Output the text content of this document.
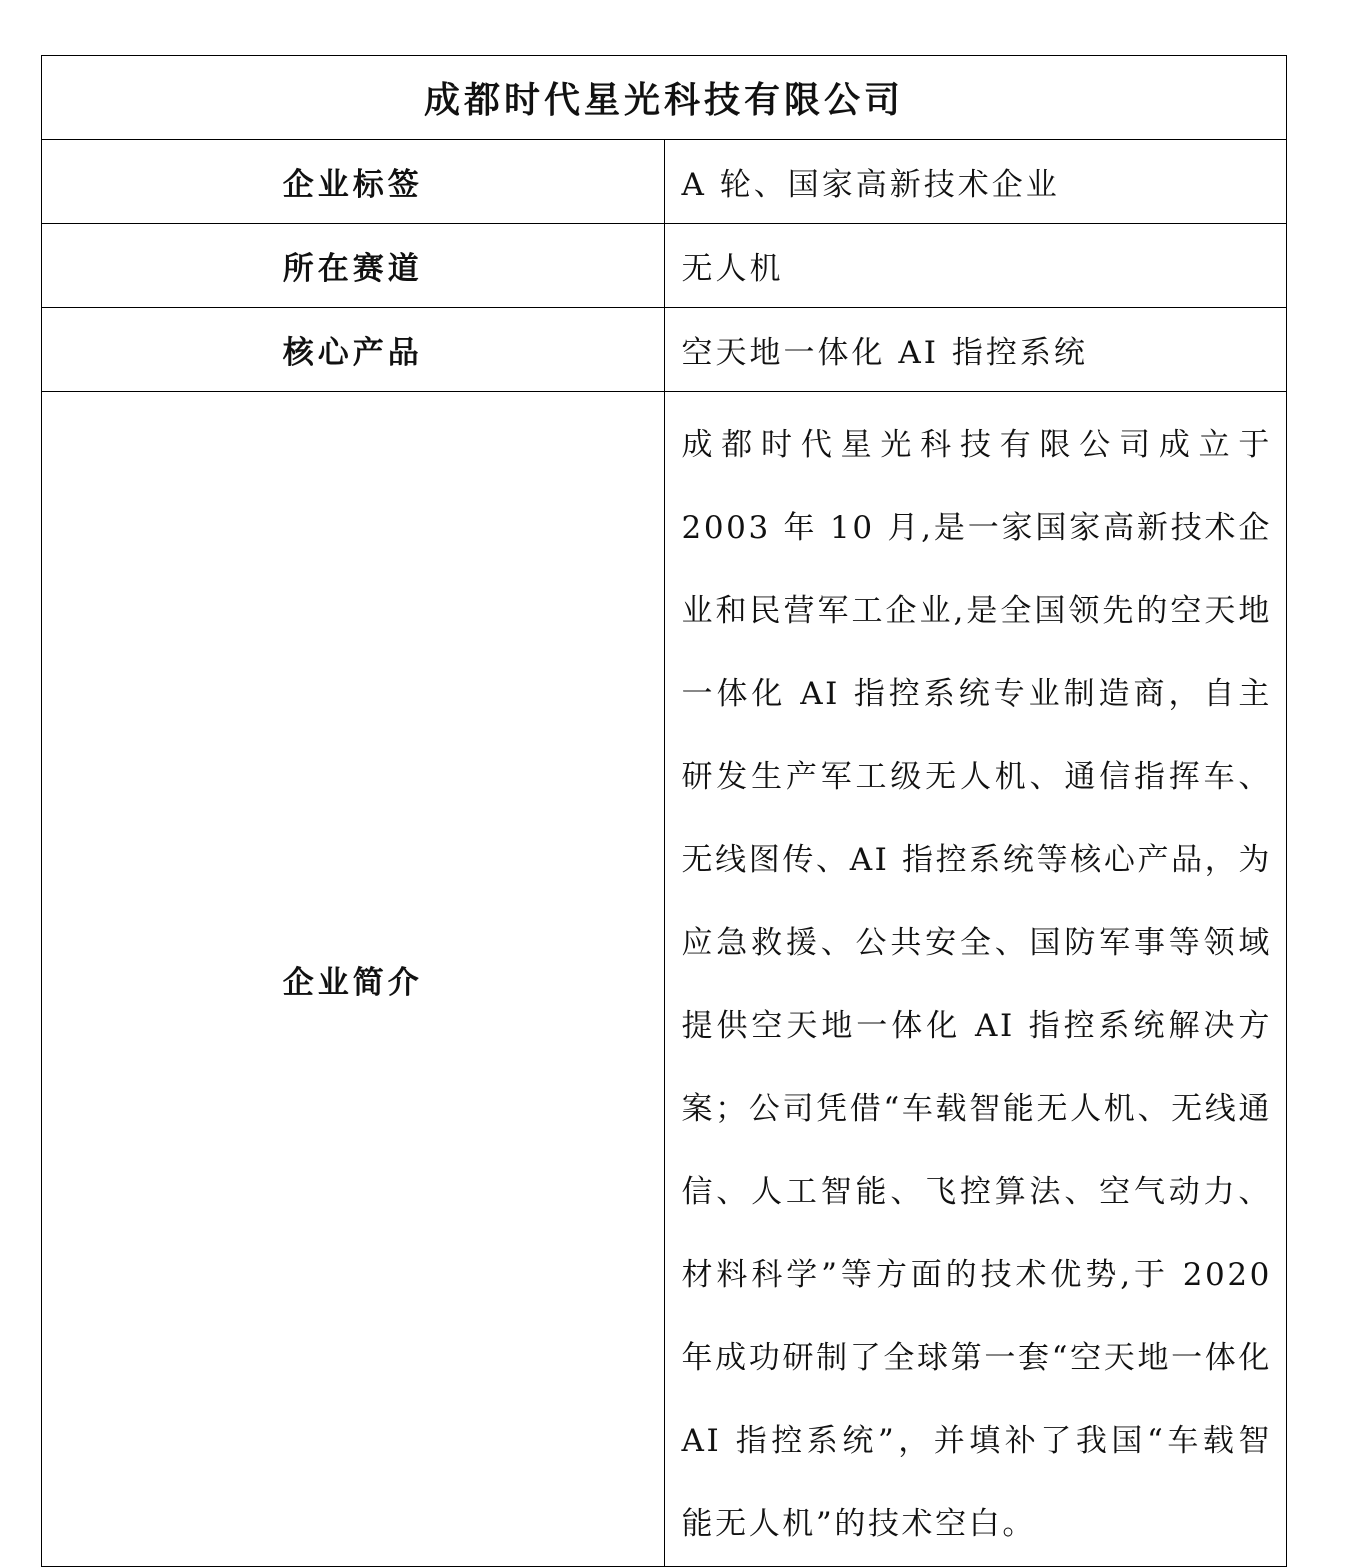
成都时代星光科技有限公司	
企业标签	A 轮、国家高新技术企业
所在赛道	无人机
核心产品	空天地一体化 AI 指控系统
企业简介	成都时代星光科技有限公司成立于 2003 年 10 月,是一家国家高新技术企业和民营军工企业,是全国领先的空天地一体化 AI 指控系统专业制造商，自主研发生产军工级无人机、通信指挥车、无线图传、AI 指控系统等核心产品，为应急救援、公共安全、国防军事等领域提供空天地一体化 AI 指控系统解决方案；公司凭借“车载智能无人机、无线通信、人工智能、飞控算法、空气动力、材料科学”等方面的技术优势,于 2020 年成功研制了全球第一套“空天地一体化 AI 指控系统”，并填补了我国“车载智能无人机”的技术空白。
